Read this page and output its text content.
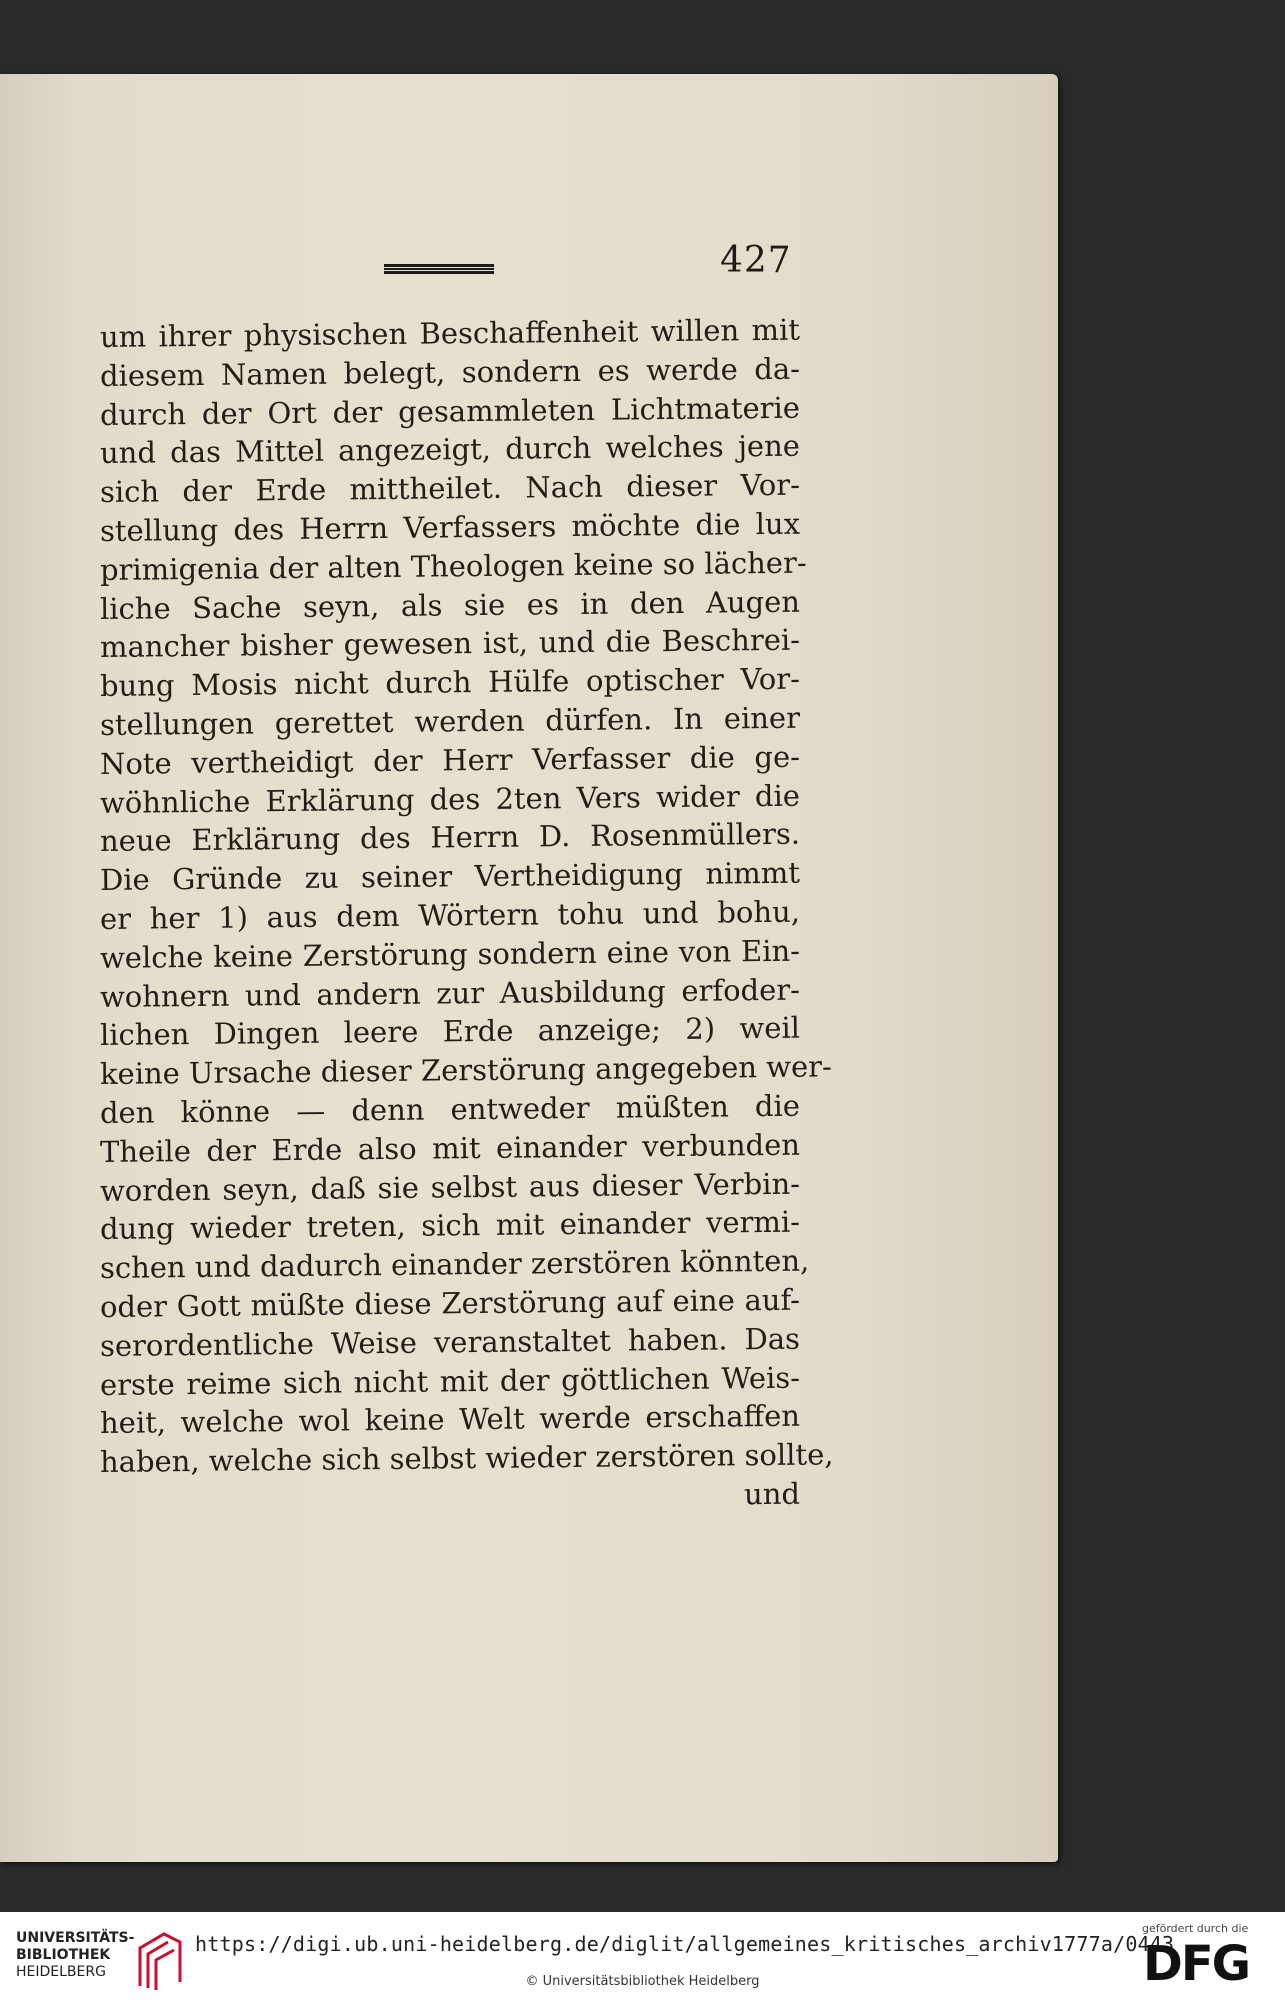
427
um ihrer physischen Beschaffenheit willen mit
diesem Namen belegt, sondern es werde da-
durch der Ort der gesammleten Lichtmaterie
und das Mittel angezeigt, durch welches jene
sich der Erde mittheilet. Nach dieser Vor-
stellung des Herrn Verfassers möchte die lux
primigenia der alten Theologen keine so lächer-
liche Sache seyn, als sie es in den Augen
mancher bisher gewesen ist, und die Beschrei-
bung Mosis nicht durch Hülfe optischer Vor-
stellungen gerettet werden dürfen. In einer
Note vertheidigt der Herr Verfasser die ge-
wöhnliche Erklärung des 2ten Vers wider die
neue Erklärung des Herrn D. Rosenmüllers.
Die Gründe zu seiner Vertheidigung nimmt
er her 1) aus dem Wörtern tohu und bohu,
welche keine Zerstörung sondern eine von Ein-
wohnern und andern zur Ausbildung erfoder-
lichen Dingen leere Erde anzeige; 2) weil
keine Ursache dieser Zerstörung angegeben wer-
den könne — denn entweder müßten die
Theile der Erde also mit einander verbunden
worden seyn, daß sie selbst aus dieser Verbin-
dung wieder treten, sich mit einander vermi-
schen und dadurch einander zerstören könnten,
oder Gott müßte diese Zerstörung auf eine auf-
serordentliche Weise veranstaltet haben. Das
erste reime sich nicht mit der göttlichen Weis-
heit, welche wol keine Welt werde erschaffen
haben, welche sich selbst wieder zerstören sollte,
und
UNIVERSITÄTS-
BIBLIOTHEK
HEIDELBERG
https://digi.ub.uni-heidelberg.de/diglit/allgemeines_kritisches_archiv1777a/0443
© Universitätsbibliothek Heidelberg
gefördert durch die
DFG
